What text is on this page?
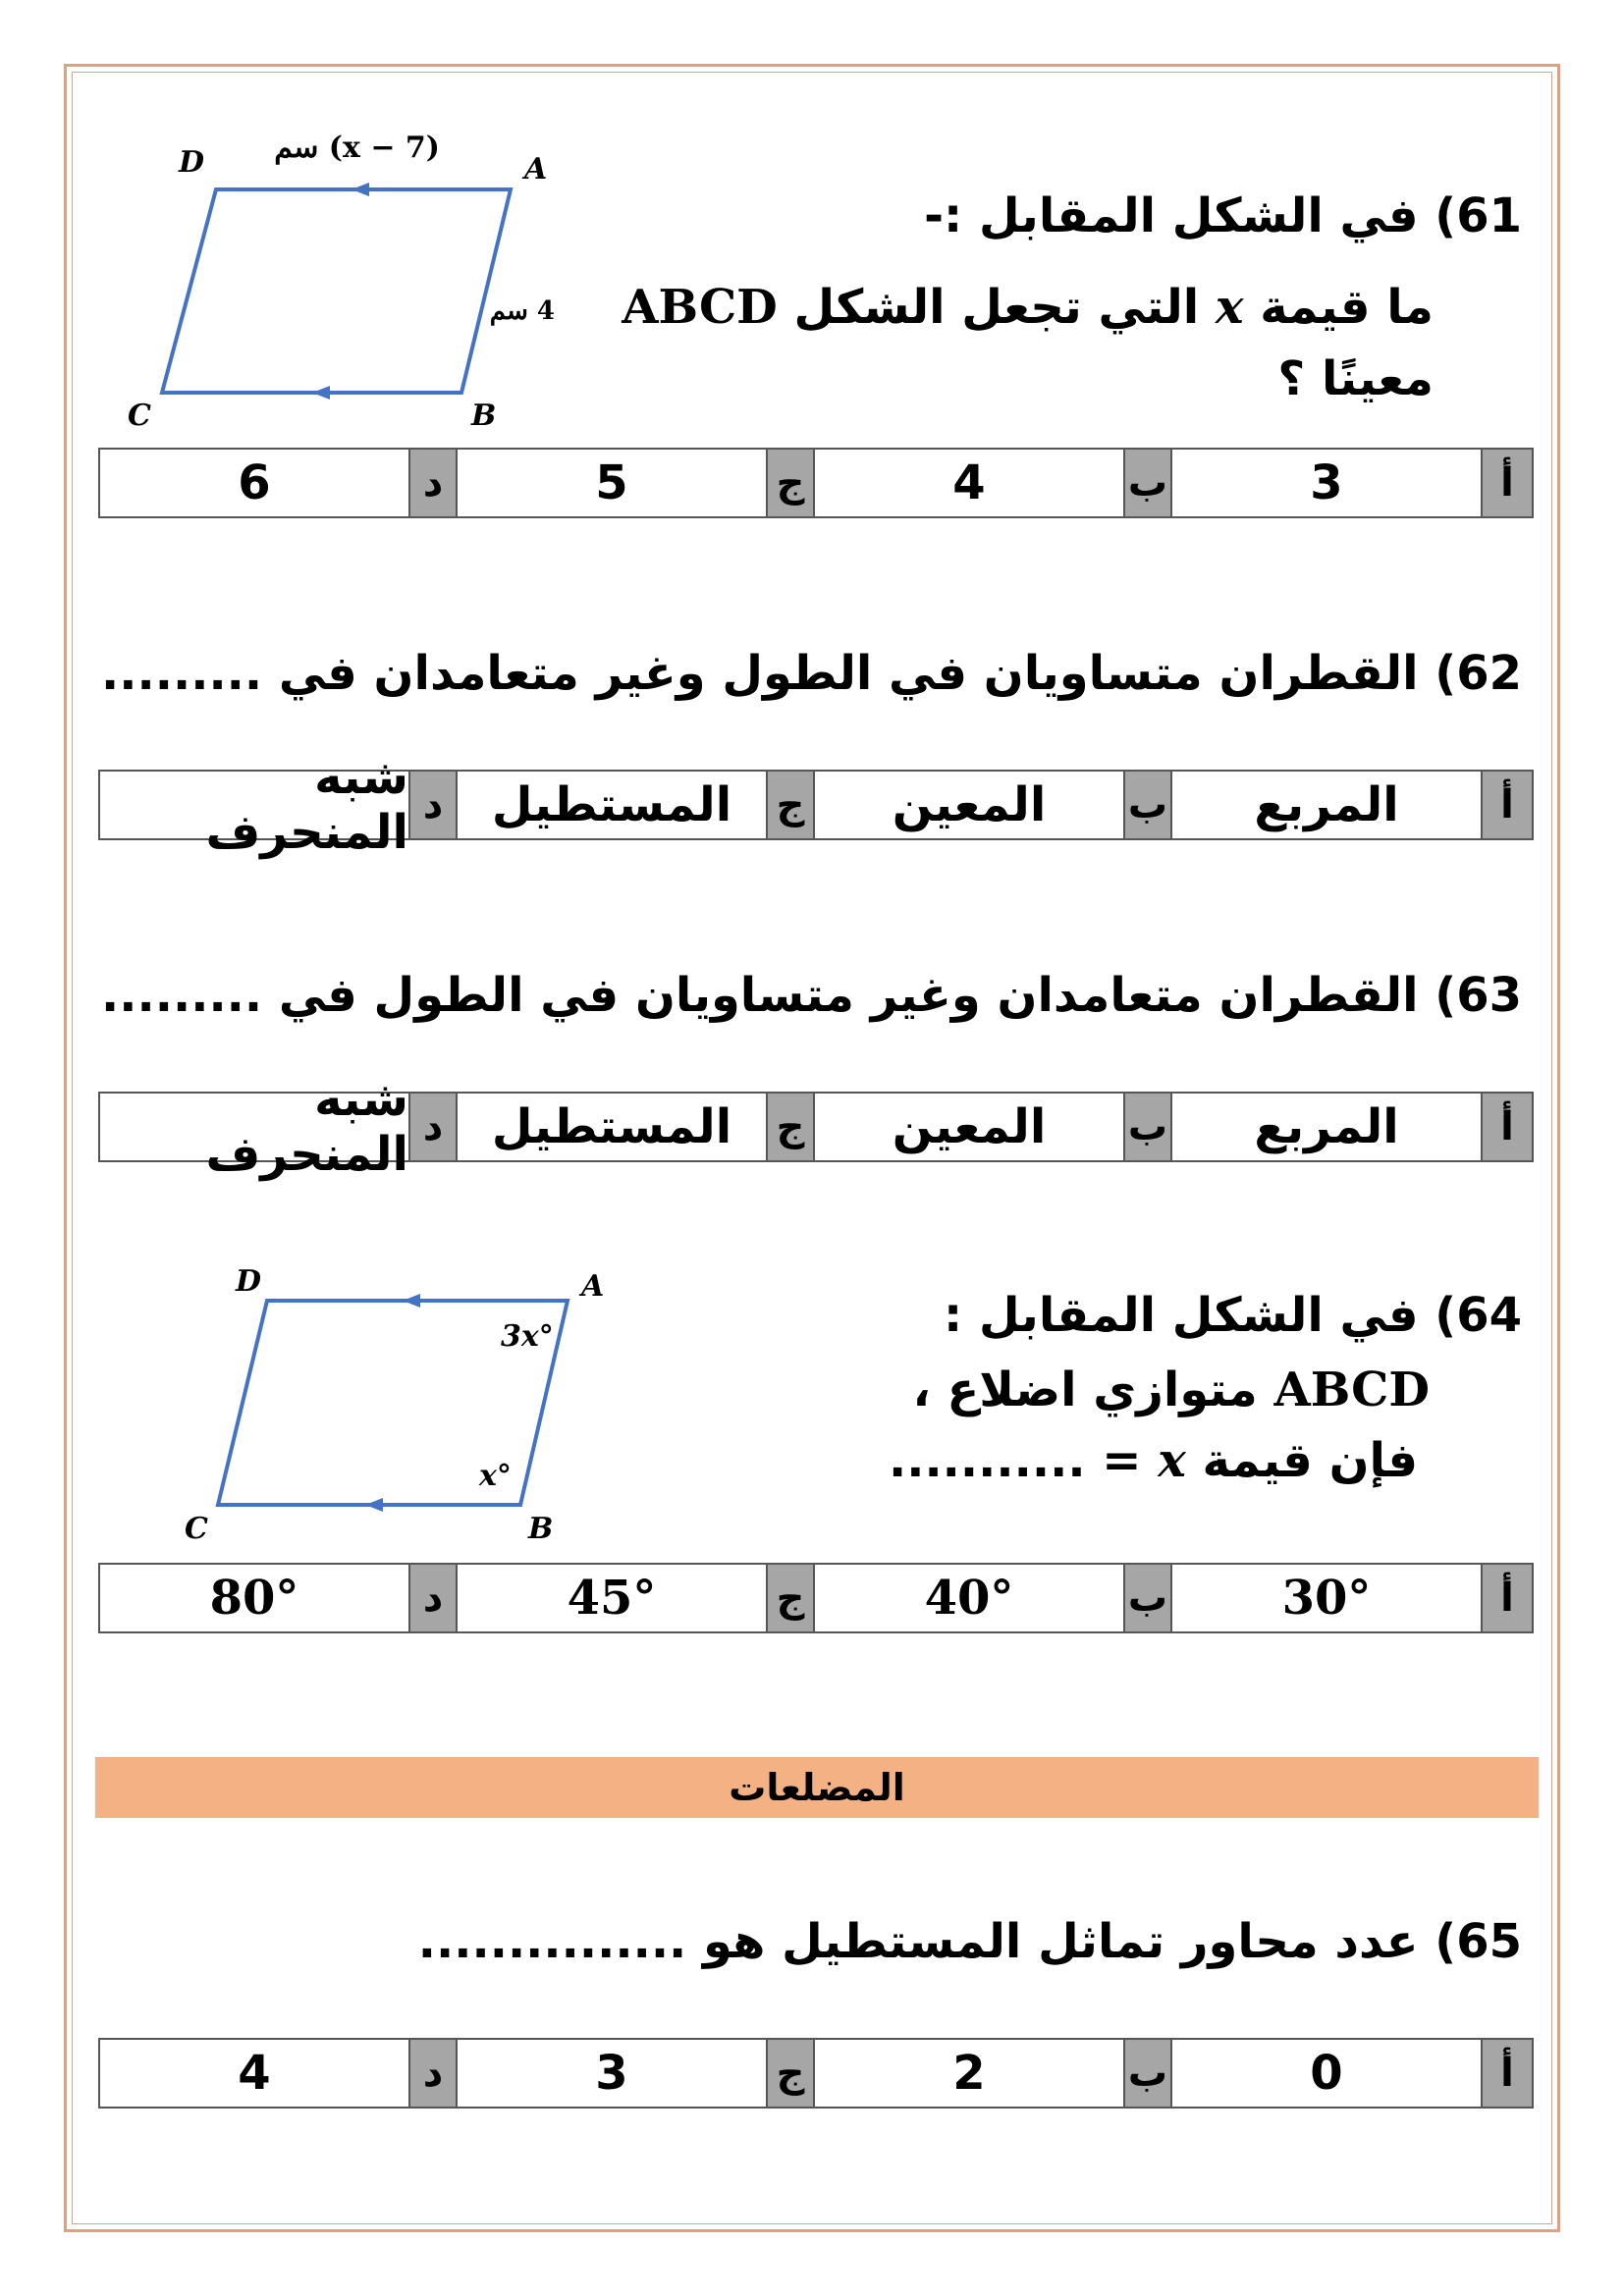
D	A
B
C
(7 − x) سم
4 سم
61) في الشكل المقابل :-
ما قيمة x التي تجعل الشكل ABCD
معينًا ؟
أ
3
ب
4
ج
5
د
6
62) القطران متساويان في الطول وغير متعامدان في .........
أ
المربع
ب
المعين
ج
المستطيل
د
شبه المنحرف
63) القطران متعامدان وغير متساويان في الطول في .........
أ
المربع
ب
المعين
ج
المستطيل
د
شبه المنحرف
D	A
B
C
3x°
x°
64) في الشكل المقابل :
ABCD متوازي اضلاع ،
فإن قيمة x = ...........
أ
30°
ب
40°
ج
45°
د
80°
المضلعات
65) عدد محاور تماثل المستطيل هو ...............
أ
0
ب
2
ج
3
د
4
